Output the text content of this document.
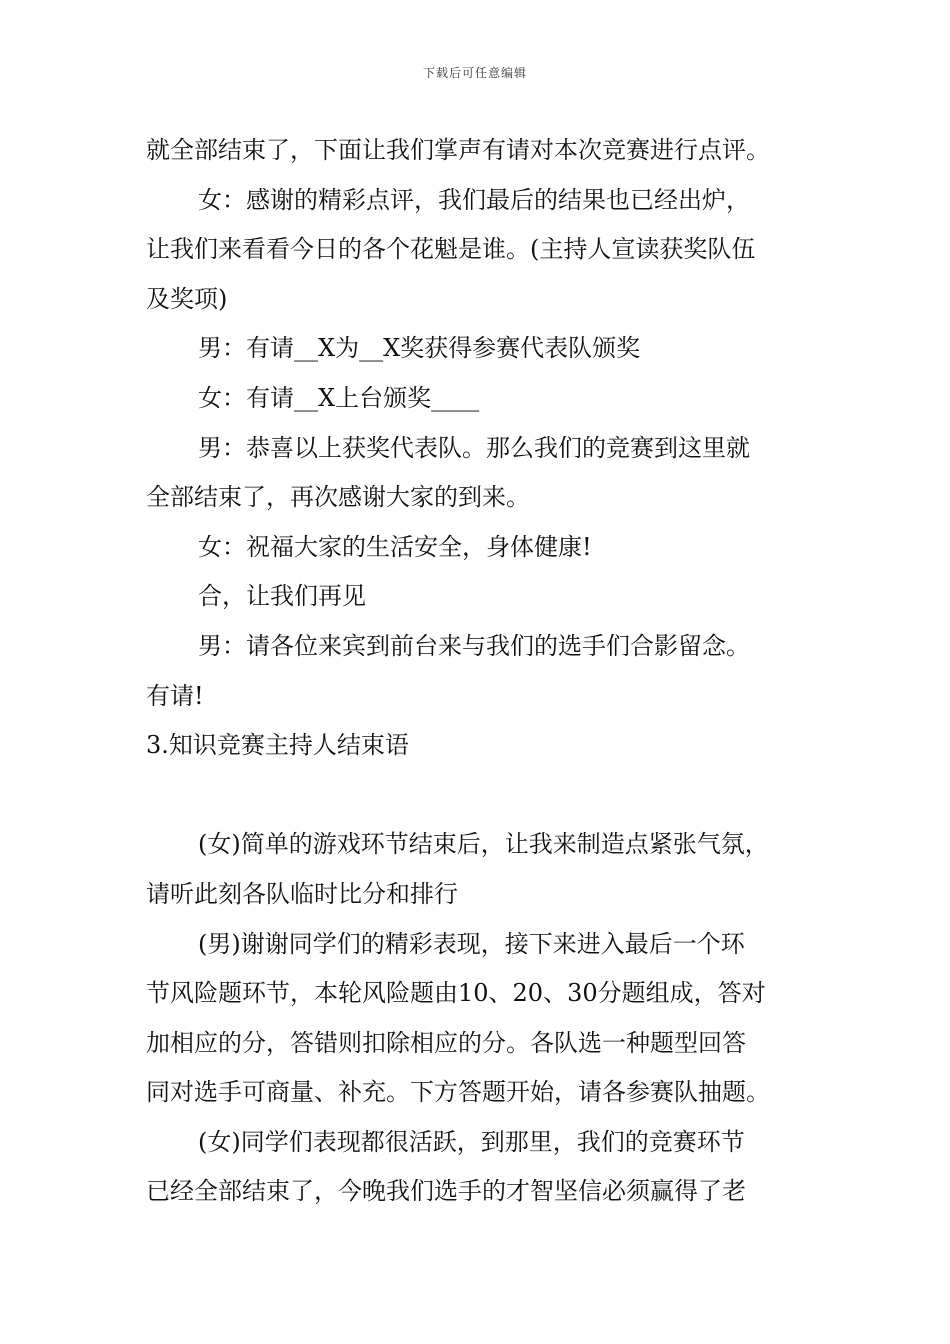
下载后可任意编辑
就全部结束了，下面让我们掌声有请对本次竞赛进行点评。
女：感谢的精彩点评，我们最后的结果也已经出炉，
让我们来看看今日的各个花魁是谁。(主持人宣读获奖队伍
及奖项)
男：有请__X为__X奖获得参赛代表队颁奖
女：有请__X上台颁奖____
男：恭喜以上获奖代表队。那么我们的竞赛到这里就
全部结束了，再次感谢大家的到来。
女：祝福大家的生活安全，身体健康!
合，让我们再见
男：请各位来宾到前台来与我们的选手们合影留念。
有请!
3.知识竞赛主持人结束语
(女)简单的游戏环节结束后，让我来制造点紧张气氛，
请听此刻各队临时比分和排行
(男)谢谢同学们的精彩表现，接下来进入最后一个环
节风险题环节，本轮风险题由10、20、30分题组成，答对
加相应的分，答错则扣除相应的分。各队选一种题型回答
同对选手可商量、补充。下方答题开始，请各参赛队抽题。
(女)同学们表现都很活跃，到那里，我们的竞赛环节
已经全部结束了，今晚我们选手的才智坚信必须赢得了老
